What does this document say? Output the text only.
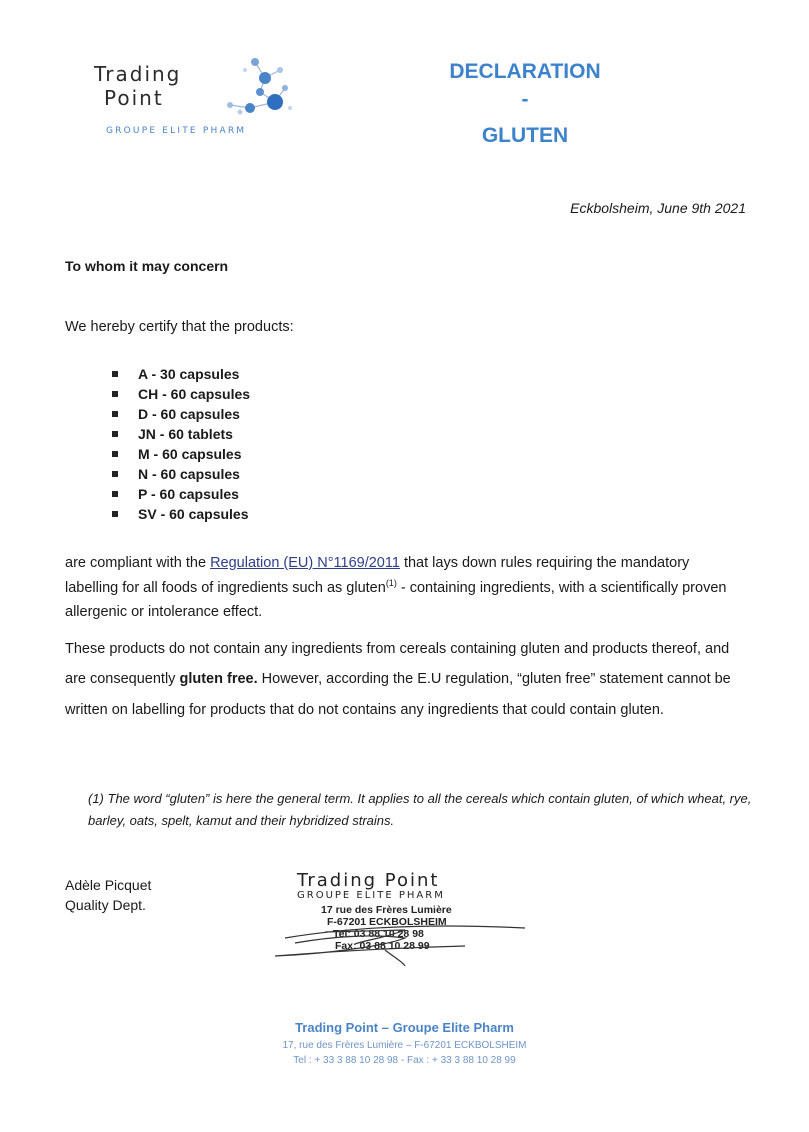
Trading
Point
GROUPE ELITE PHARM
DECLARATION
-
GLUTEN
Eckbolsheim, June 9th 2021
To whom it may concern
We hereby certify that the products:
A - 30 capsules
CH - 60 capsules
D - 60 capsules
JN - 60 tablets
M - 60 capsules
N - 60 capsules
P - 60 capsules
SV - 60 capsules
are compliant with the Regulation (EU) N°1169/2011 that lays down rules requiring the mandatory labelling for all foods of ingredients such as gluten$^{(1)}$ - containing ingredients, with a scientifically proven allergenic or intolerance effect.
These products do not contain any ingredients from cereals containing gluten and products thereof, and are consequently gluten free. However, according the E.U regulation, “gluten free” statement cannot be written on labelling for products that do not contains any ingredients that could contain gluten.
(1) The word “gluten” is here the general term. It applies to all the cereals which contain gluten, of which wheat, rye, barley, oats, spelt, kamut and their hybridized strains.
Adèle Picquet
Quality Dept.
Trading Point
GROUPE ELITE PHARM
17 rue des Frères Lumière
F-67201 ECKBOLSHEIM
Tel: 03 88 10 28 98
Fax: 03 88 10 28 99
Trading Point – Groupe Elite Pharm
17, rue des Frères Lumière – F-67201 ECKBOLSHEIM
Tel : + 33 3 88 10 28 98 - Fax : + 33 3 88 10 28 99
